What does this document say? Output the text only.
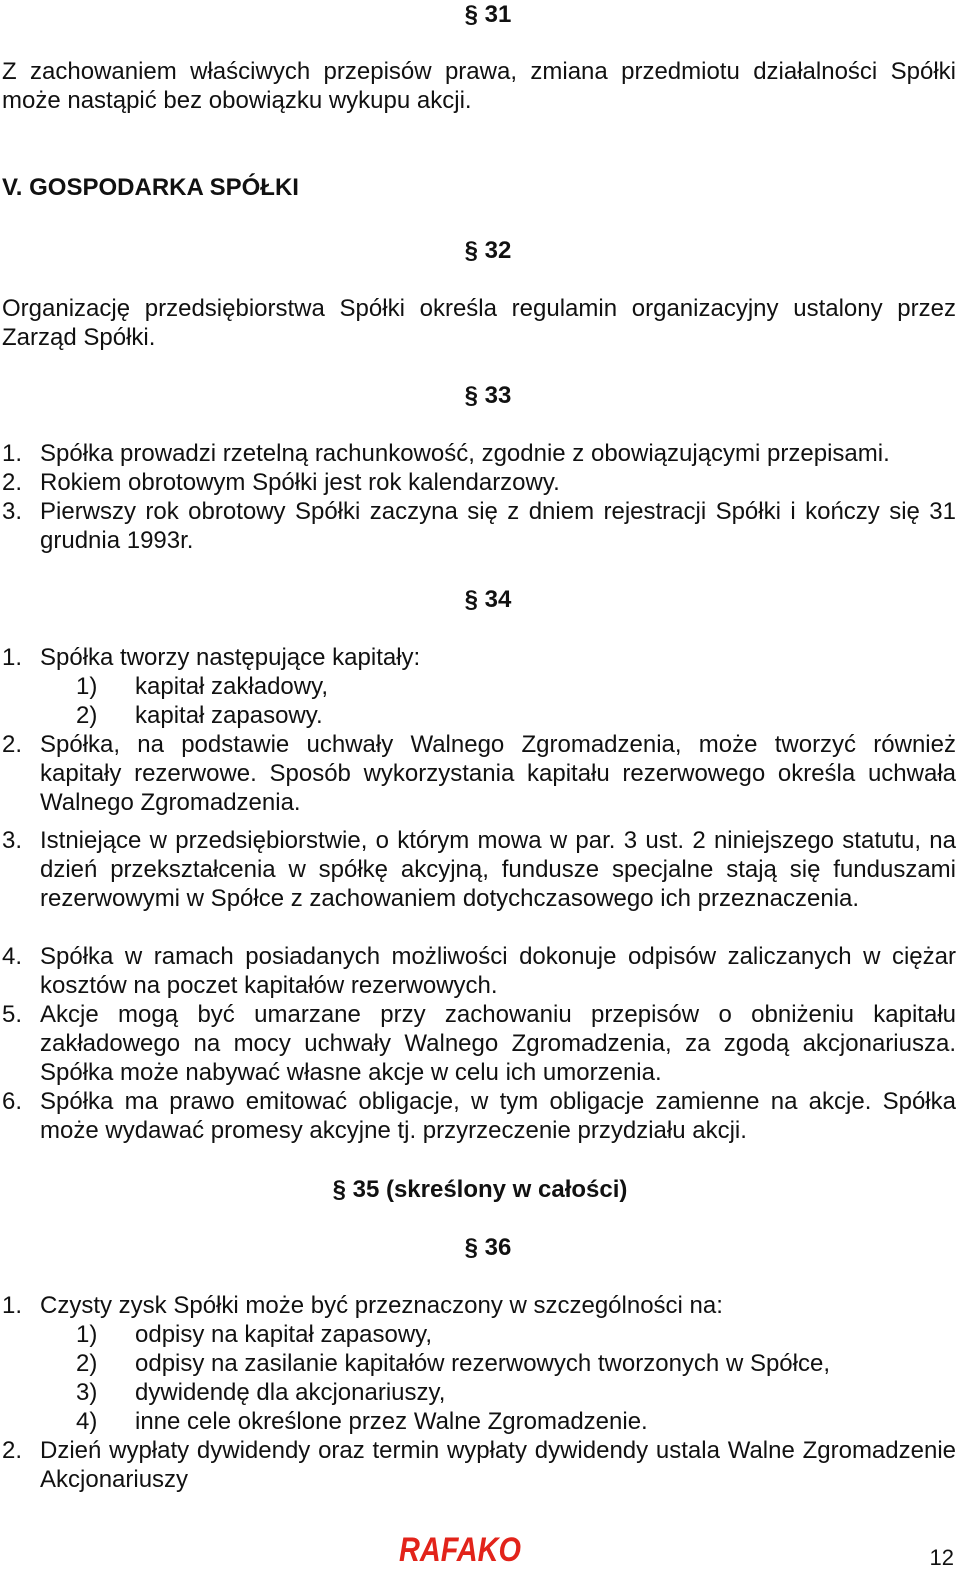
§ 31
Z zachowaniem właściwych przepisów prawa, zmiana przedmiotu działalności Spółki może nastąpić bez obowiązku wykupu akcji.
V. GOSPODARKA SPÓŁKI
§ 32
Organizację przedsiębiorstwa Spółki określa regulamin organizacyjny ustalony przez Zarząd Spółki.
§ 33
1. Spółka prowadzi rzetelną rachunkowość, zgodnie z obowiązującymi przepisami.
2. Rokiem obrotowym Spółki jest rok kalendarzowy.
3. Pierwszy rok obrotowy Spółki zaczyna się z dniem rejestracji Spółki i kończy się 31 grudnia 1993r.
§ 34
1. Spółka tworzy następujące kapitały:
1)	kapitał zakładowy,
2)	kapitał zapasowy.
2. Spółka, na podstawie uchwały Walnego Zgromadzenia, może tworzyć również kapitały rezerwowe. Sposób wykorzystania kapitału rezerwowego określa uchwała Walnego Zgromadzenia.
3. Istniejące w przedsiębiorstwie, o którym mowa w par. 3 ust. 2 niniejszego statutu, na dzień przekształcenia w spółkę akcyjną, fundusze specjalne stają się funduszami rezerwowymi w Spółce z zachowaniem dotychczasowego ich przeznaczenia.
4. Spółka w ramach posiadanych możliwości dokonuje odpisów zaliczanych w ciężar kosztów na poczet kapitałów rezerwowych.
5. Akcje mogą być umarzane przy zachowaniu przepisów o obniżeniu kapitału zakładowego na mocy uchwały Walnego Zgromadzenia, za zgodą akcjonariusza. Spółka może nabywać własne akcje w celu ich umorzenia.
6. Spółka ma prawo emitować obligacje, w tym obligacje zamienne na akcje. Spółka może wydawać promesy akcyjne tj. przyrzeczenie przydziału akcji.
§ 35 (skreślony w całości)
§ 36
1. Czysty zysk Spółki może być przeznaczony w szczególności na:
1)	odpisy na kapitał zapasowy,
2)	odpisy na zasilanie kapitałów rezerwowych tworzonych w Spółce,
3)	dywidendę dla akcjonariuszy,
4)	inne cele określone przez Walne Zgromadzenie.
2. Dzień wypłaty dywidendy oraz termin wypłaty dywidendy ustala Walne Zgromadzenie Akcjonariuszy
RAFAKO	12
